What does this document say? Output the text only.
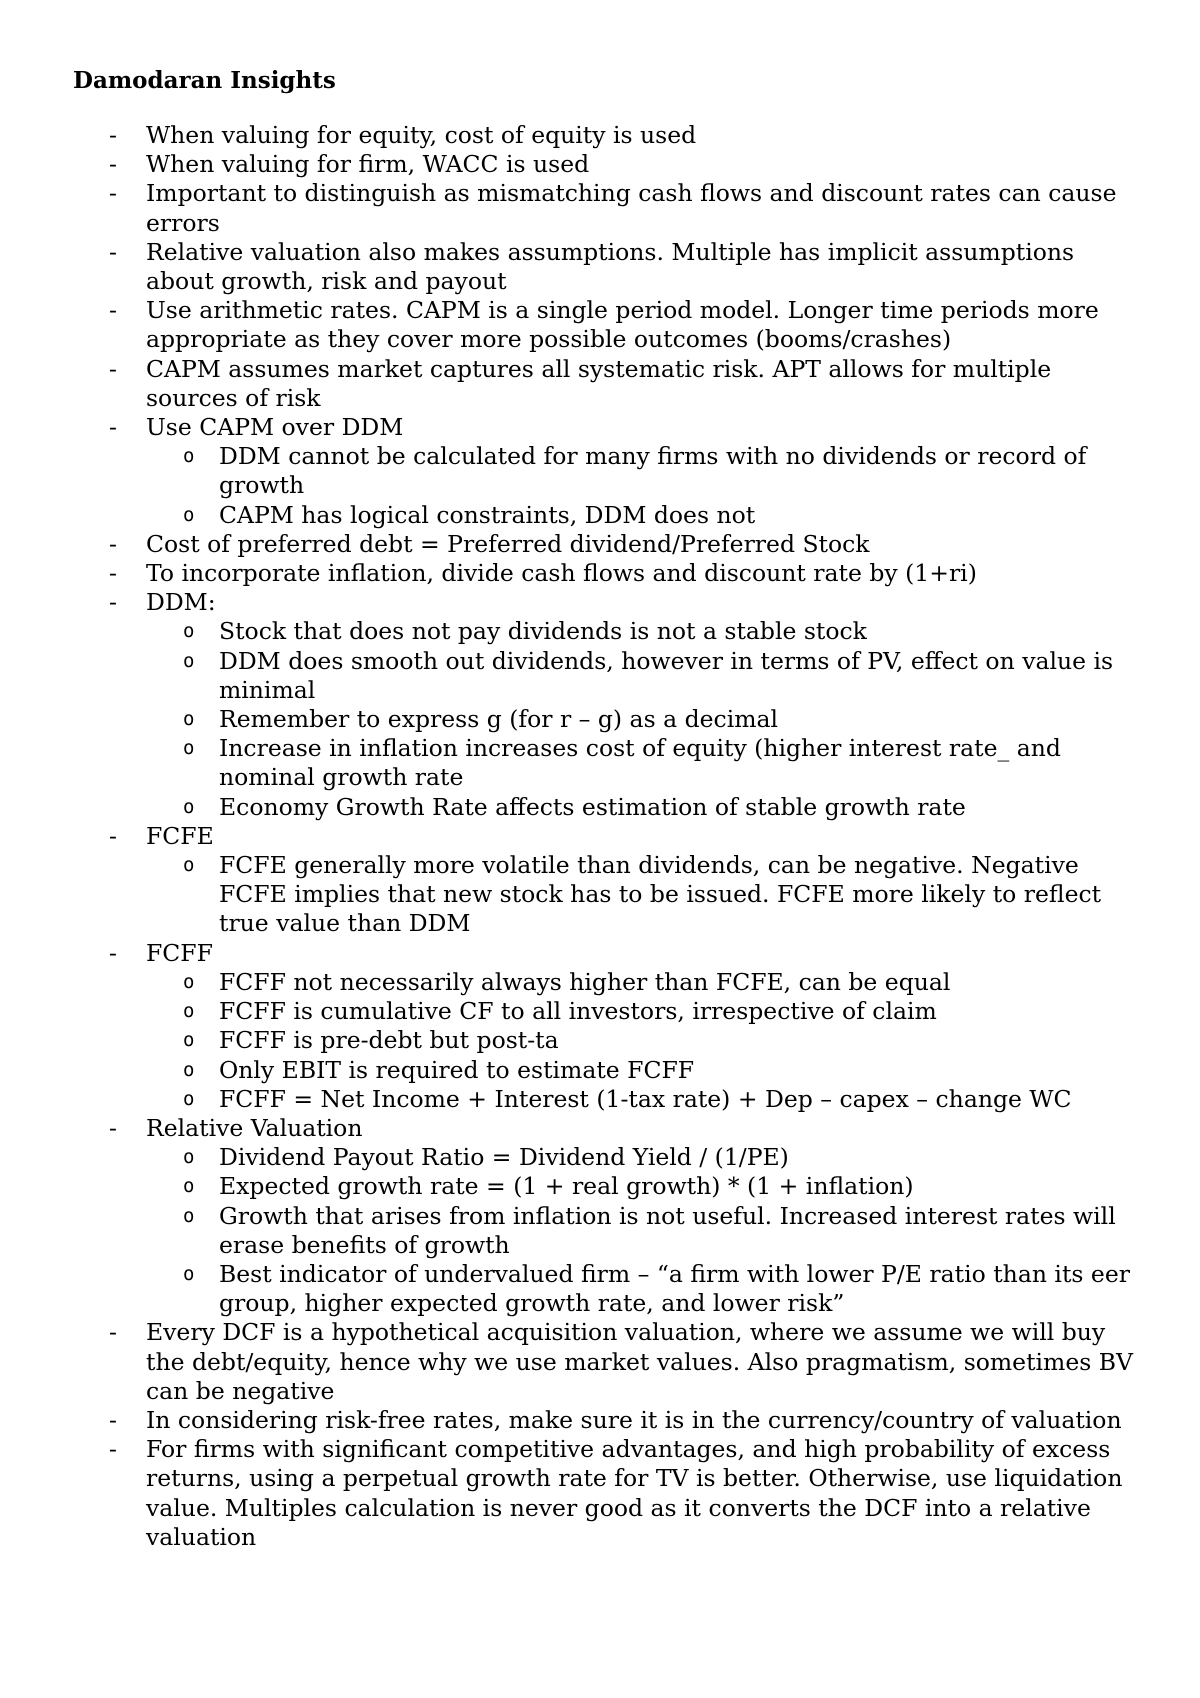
Damodaran Insights
-	When valuing for equity, cost of equity is used
-	When valuing for firm, WACC is used
-	Important to distinguish as mismatching cash flows and discount rates can cause errors
-	Relative valuation also makes assumptions. Multiple has implicit assumptions about growth, risk and payout
-	Use arithmetic rates. CAPM is a single period model. Longer time periods more appropriate as they cover more possible outcomes (booms/crashes)
-	CAPM assumes market captures all systematic risk. APT allows for multiple sources of risk
-	Use CAPM over DDM
o	DDM cannot be calculated for many firms with no dividends or record of growth
o	CAPM has logical constraints, DDM does not
-	Cost of preferred debt = Preferred dividend/Preferred Stock
-	To incorporate inflation, divide cash flows and discount rate by (1+ri)
-	DDM:
o	Stock that does not pay dividends is not a stable stock
o	DDM does smooth out dividends, however in terms of PV, effect on value is minimal
o	Remember to express g (for r – g) as a decimal
o	Increase in inflation increases cost of equity (higher interest rate_ and nominal growth rate
o	Economy Growth Rate affects estimation of stable growth rate
-	FCFE
o	FCFE generally more volatile than dividends, can be negative. Negative FCFE implies that new stock has to be issued. FCFE more likely to reflect true value than DDM
-	FCFF
o	FCFF not necessarily always higher than FCFE, can be equal
o	FCFF is cumulative CF to all investors, irrespective of claim
o	FCFF is pre-debt but post-ta
o	Only EBIT is required to estimate FCFF
o	FCFF = Net Income + Interest (1-tax rate) + Dep – capex – change WC
-	Relative Valuation
o	Dividend Payout Ratio = Dividend Yield / (1/PE)
o	Expected growth rate = (1 + real growth) * (1 + inflation)
o	Growth that arises from inflation is not useful. Increased interest rates will erase benefits of growth
o	Best indicator of undervalued firm – “a firm with lower P/E ratio than its eer group, higher expected growth rate, and lower risk”
-	Every DCF is a hypothetical acquisition valuation, where we assume we will buy the debt/equity, hence why we use market values. Also pragmatism, sometimes BV can be negative
-	In considering risk-free rates, make sure it is in the currency/country of valuation
-	For firms with significant competitive advantages, and high probability of excess returns, using a perpetual growth rate for TV is better. Otherwise, use liquidation value. Multiples calculation is never good as it converts the DCF into a relative valuation
